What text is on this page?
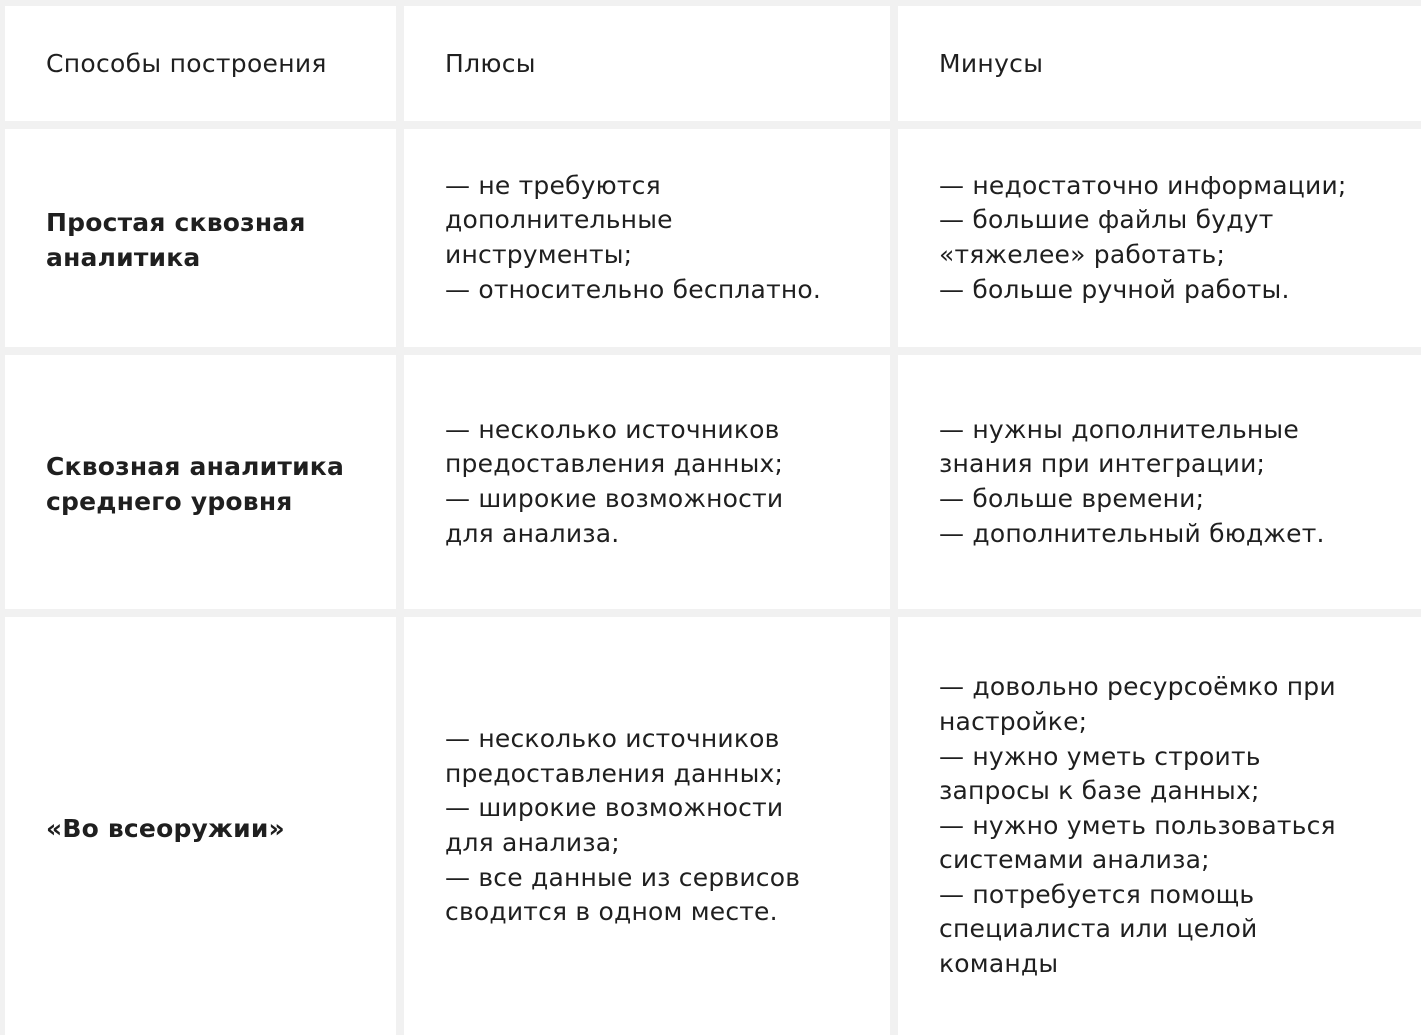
Способы построения	Плюсы	Минусы
Простая сквозная
аналитика
— не требуются
дополнительные
инструменты;
— относительно бесплатно.
— недостаточно информации;
— большие файлы будут
«тяжелее» работать;
— больше ручной работы.
Сквозная аналитика
среднего уровня
— несколько источников
предоставления данных;
— широкие возможности
для анализа.
— нужны дополнительные
знания при интеграции;
— больше времени;
— дополнительный бюджет.
«Во всеоружии»
— несколько источников
предоставления данных;
— широкие возможности
для анализа;
— все данные из сервисов
сводится в одном месте.
— довольно ресурсоёмко при
настройке;
— нужно уметь строить
запросы к базе данных;
— нужно уметь пользоваться
системами анализа;
— потребуется помощь
специалиста или целой
команды
